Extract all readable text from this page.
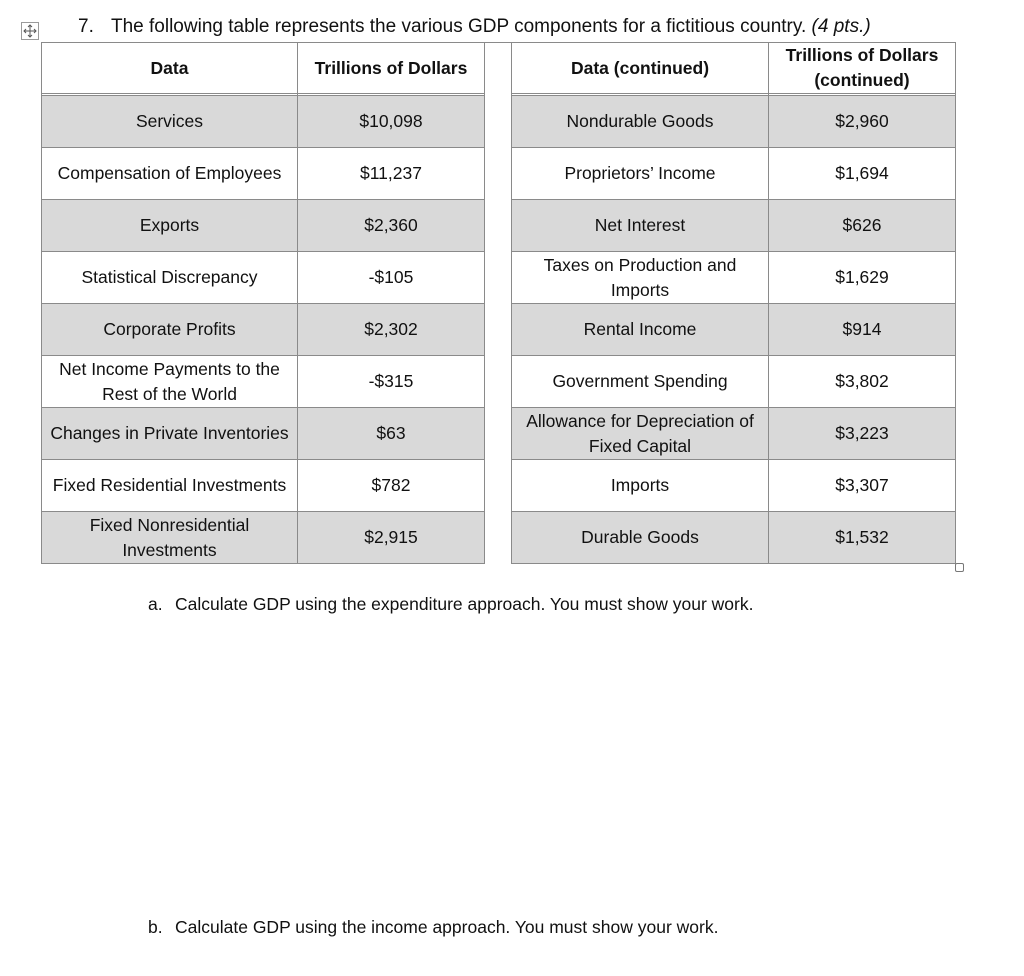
7. The following table represents the various GDP components for a fictitious country. (4 pts.)
Data	Trillions of Dollars		Data (continued)	Trillions of Dollars
(continued)

Services	$10,098		Nondurable Goods	$2,960
Compensation of Employees	$11,237		Proprietors’ Income	$1,694
Exports	$2,360		Net Interest	$626
Statistical Discrepancy	-$105		Taxes on Production and Imports	$1,629
Corporate Profits	$2,302		Rental Income	$914
Net Income Payments to the Rest of the World	-$315		Government Spending	$3,802
Changes in Private Inventories	$63		Allowance for Depreciation of Fixed Capital	$3,223
Fixed Residential Investments	$782		Imports	$3,307
Fixed Nonresidential Investments	$2,915		Durable Goods	$1,532
a. Calculate GDP using the expenditure approach. You must show your work.
b. Calculate GDP using the income approach. You must show your work.
